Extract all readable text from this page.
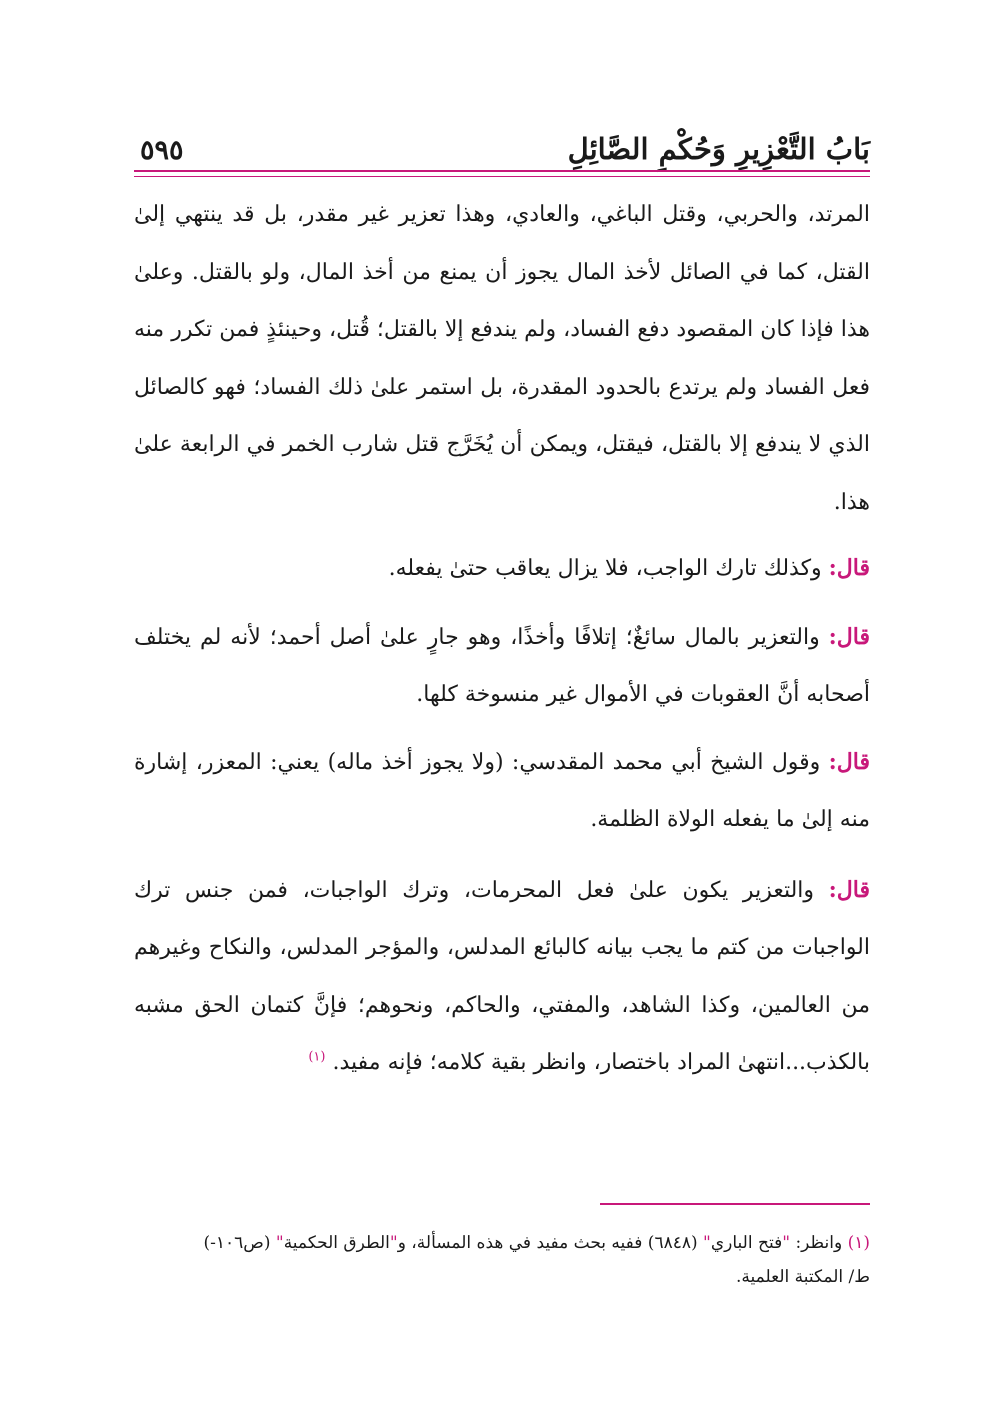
بَابُ التَّعْزِيرِ وَحُكْمِ الصَّائِلِ
٥٩٥

المرتد، والحربي، وقتل الباغي، والعادي، وهذا تعزير غير مقدر، بل قد ينتهي إلىٰ القتل، كما في الصائل لأخذ المال يجوز أن يمنع من أخذ المال، ولو بالقتل. وعلىٰ هذا فإذا كان المقصود دفع الفساد، ولم يندفع إلا بالقتل؛ قُتل، وحينئذٍ فمن تكرر منه فعل الفساد ولم يرتدع بالحدود المقدرة، بل استمر علىٰ ذلك الفساد؛ فهو كالصائل الذي لا يندفع إلا بالقتل، فيقتل، ويمكن أن يُخَرَّج قتل شارب الخمر في الرابعة علىٰ هذا.

قال: وكذلك تارك الواجب، فلا يزال يعاقب حتىٰ يفعله.

قال: والتعزير بالمال سائغٌ؛ إتلافًا وأخذًا، وهو جارٍ علىٰ أصل أحمد؛ لأنه لم يختلف أصحابه أنَّ العقوبات في الأموال غير منسوخة كلها.

قال: وقول الشيخ أبي محمد المقدسي: (ولا يجوز أخذ ماله) يعني: المعزر، إشارة منه إلىٰ ما يفعله الولاة الظلمة.

قال: والتعزير يكون علىٰ فعل المحرمات، وترك الواجبات، فمن جنس ترك الواجبات من كتم ما يجب بيانه كالبائع المدلس، والمؤجر المدلس، والنكاح وغيرهم من العالمين، وكذا الشاهد، والمفتي، والحاكم، ونحوهم؛ فإنَّ كتمان الحق مشبه بالكذب...انتهىٰ المراد باختصار، وانظر بقية كلامه؛ فإنه مفيد. $^{(١)}$

(١) وانظر: "فتح الباري" (٦٨٤٨) ففيه بحث مفيد في هذه المسألة، و"الطرق الحكمية" (ص١٠٦-)
ط/ المكتبة العلمية.
